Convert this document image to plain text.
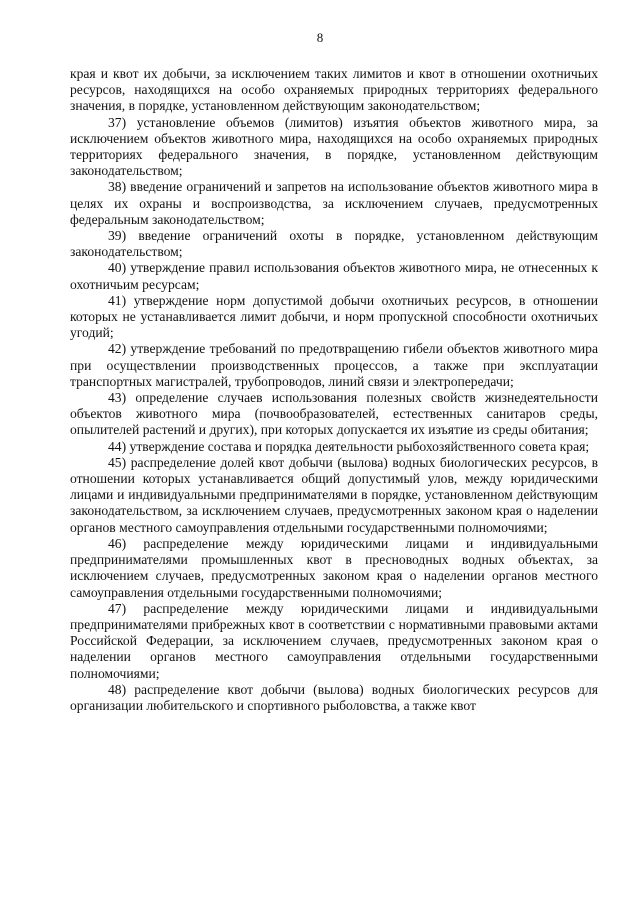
8

края и квот их добычи, за исключением таких лимитов и квот в отношении охотничьих ресурсов, находящихся на особо охраняемых природных территориях федерального значения, в порядке, установленном действующим законодательством;

37) установление объемов (лимитов) изъятия объектов животного мира, за исключением объектов животного мира, находящихся на особо охраняемых природных территориях федерального значения, в порядке, установленном действующим законодательством;

38) введение ограничений и запретов на использование объектов животного мира в целях их охраны и воспроизводства, за исключением случаев, предусмотренных федеральным законодательством;

39) введение ограничений охоты в порядке, установленном действующим законодательством;

40) утверждение правил использования объектов животного мира, не отнесенных к охотничьим ресурсам;

41) утверждение норм допустимой добычи охотничьих ресурсов, в отношении которых не устанавливается лимит добычи, и норм пропускной способности охотничьих угодий;

42) утверждение требований по предотвращению гибели объектов животного мира при осуществлении производственных процессов, а также при эксплуатации транспортных магистралей, трубопроводов, линий связи и электропередачи;

43) определение случаев использования полезных свойств жизнедеятельности объектов животного мира (почвообразователей, естественных санитаров среды, опылителей растений и других), при которых допускается их изъятие из среды обитания;

44) утверждение состава и порядка деятельности рыбохозяйственного совета края;

45) распределение долей квот добычи (вылова) водных биологических ресурсов, в отношении которых устанавливается общий допустимый улов, между юридическими лицами и индивидуальными предпринимателями в порядке, установленном действующим законодательством, за исключением случаев, предусмотренных законом края о наделении органов местного самоуправления отдельными государственными полномочиями;

46) распределение между юридическими лицами и индивидуальными предпринимателями промышленных квот в пресноводных водных объектах, за исключением случаев, предусмотренных законом края о наделении органов местного самоуправления отдельными государственными полномочиями;

47) распределение между юридическими лицами и индивидуальными предпринимателями прибрежных квот в соответствии с нормативными правовыми актами Российской Федерации, за исключением случаев, предусмотренных законом края о наделении органов местного самоуправления отдельными государственными полномочиями;

48) распределение квот добычи (вылова) водных биологических ресурсов для организации любительского и спортивного рыболовства, а также квот
